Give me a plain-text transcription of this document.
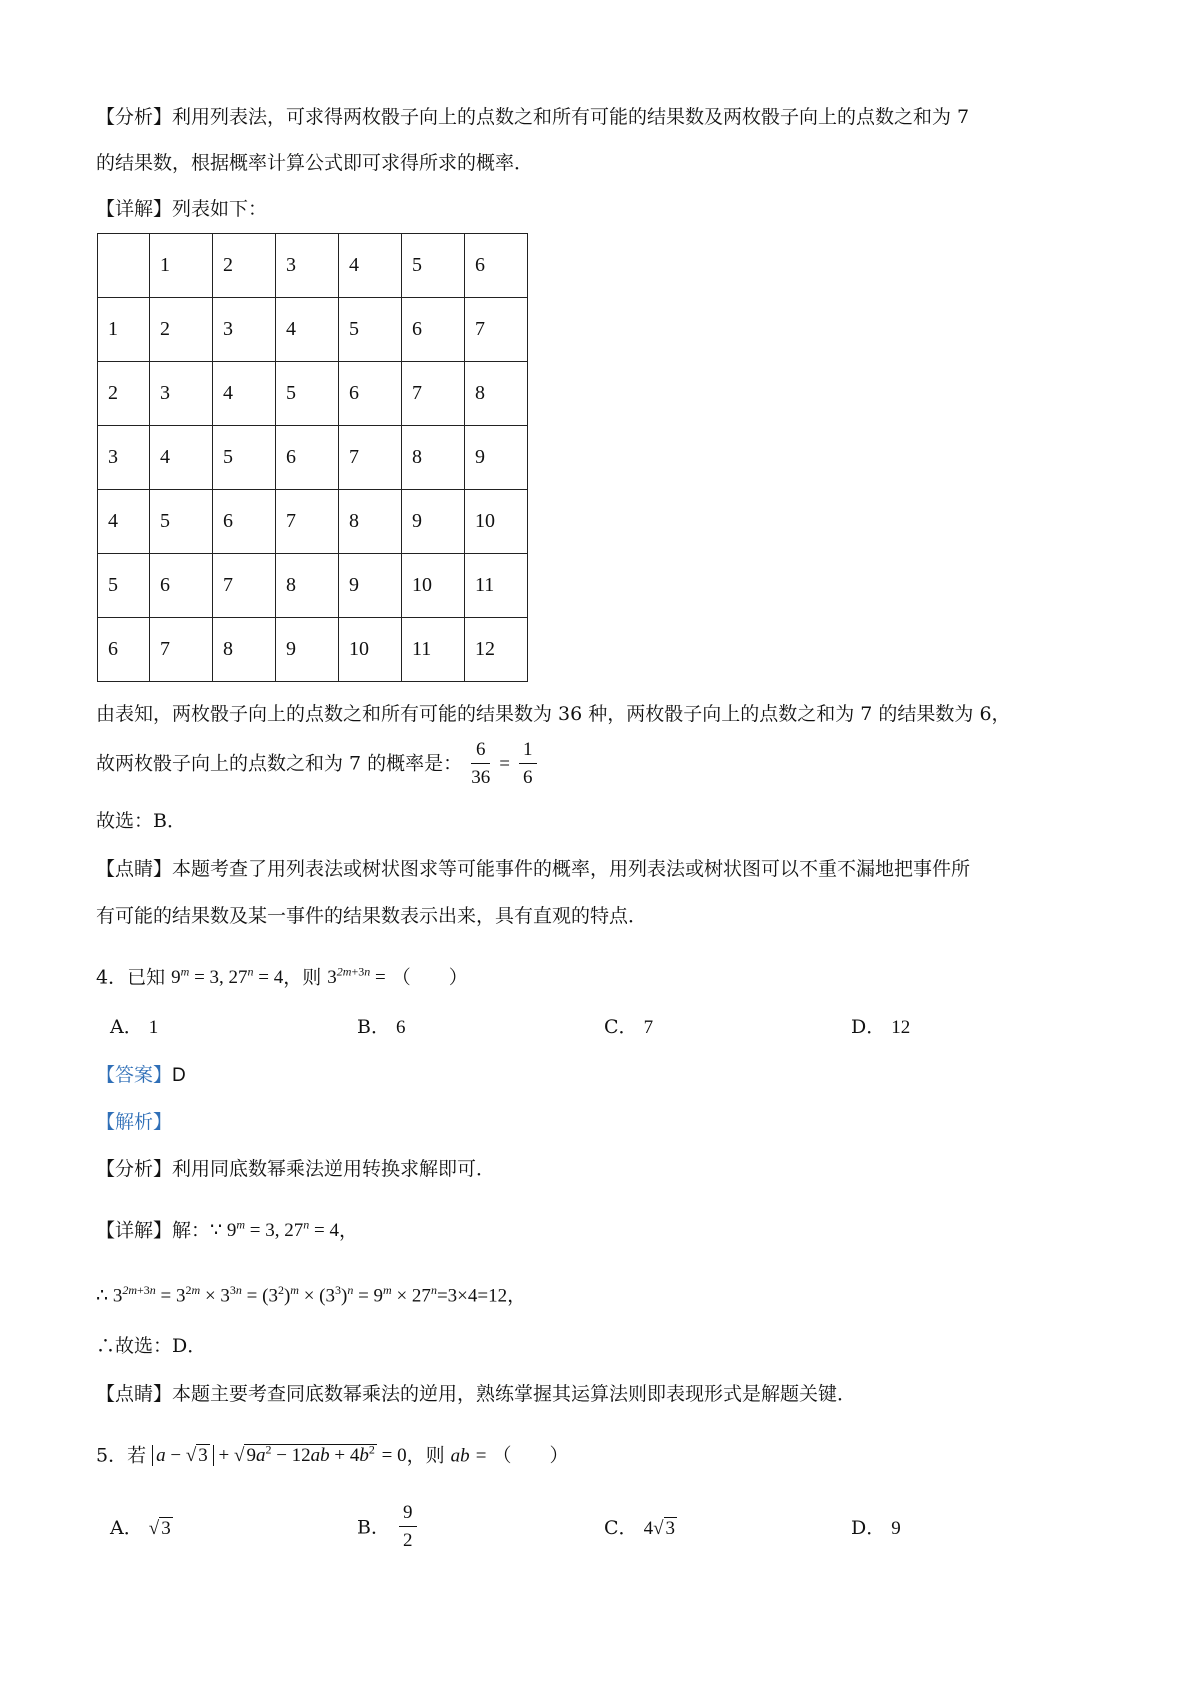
【分析】利用列表法，可求得两枚骰子向上的点数之和所有可能的结果数及两枚骰子向上的点数之和为 7
的结果数，根据概率计算公式即可求得所求的概率．
【详解】列表如下：
	1	2	3	4	5	6
1	2	3	4	5	6	7
2	3	4	5	6	7	8
3	4	5	6	7	8	9
4	5	6	7	8	9	10
5	6	7	8	9	10	11
6	7	8	9	10	11	12
由表知，两枚骰子向上的点数之和所有可能的结果数为 36 种，两枚骰子向上的点数之和为 7 的结果数为 6，
故两枚骰子向上的点数之和为 7 的概率是： $\frac{6}{36} = \frac{1}{6}$
故选：B．
【点睛】本题考查了用列表法或树状图求等可能事件的概率，用列表法或树状图可以不重不漏地把事件所
有可能的结果数及某一事件的结果数表示出来，具有直观的特点．
4．已知 $9^m = 3$, $27^n = 4$，则 $3^{2m+3n}$ = （　　）
A． 1	B． 6	C． 7	D． 12
【答案】D
【解析】
【分析】利用同底数幂乘法逆用转换求解即可．
【详解】解：∵ $9^m = 3$, $27^n = 4$，
∴ $3^{2m+3n} = 3^{2m} \times 3^{3n} = (3^2)^m \times (3^3)^n = 9^m \times 27^n=3\times 4=12$，
∴故选：D．
【点睛】本题主要考查同底数幂乘法的逆用，熟练掌握其运算法则即表现形式是解题关键．
5．若 a − √ 3 + √ $9a^2 - 12ab + 4b^2 = 0$，则 ab = （　　）
A． √ 3	B． $\frac{9}{2}$	C． 4√ 3	D． 9
